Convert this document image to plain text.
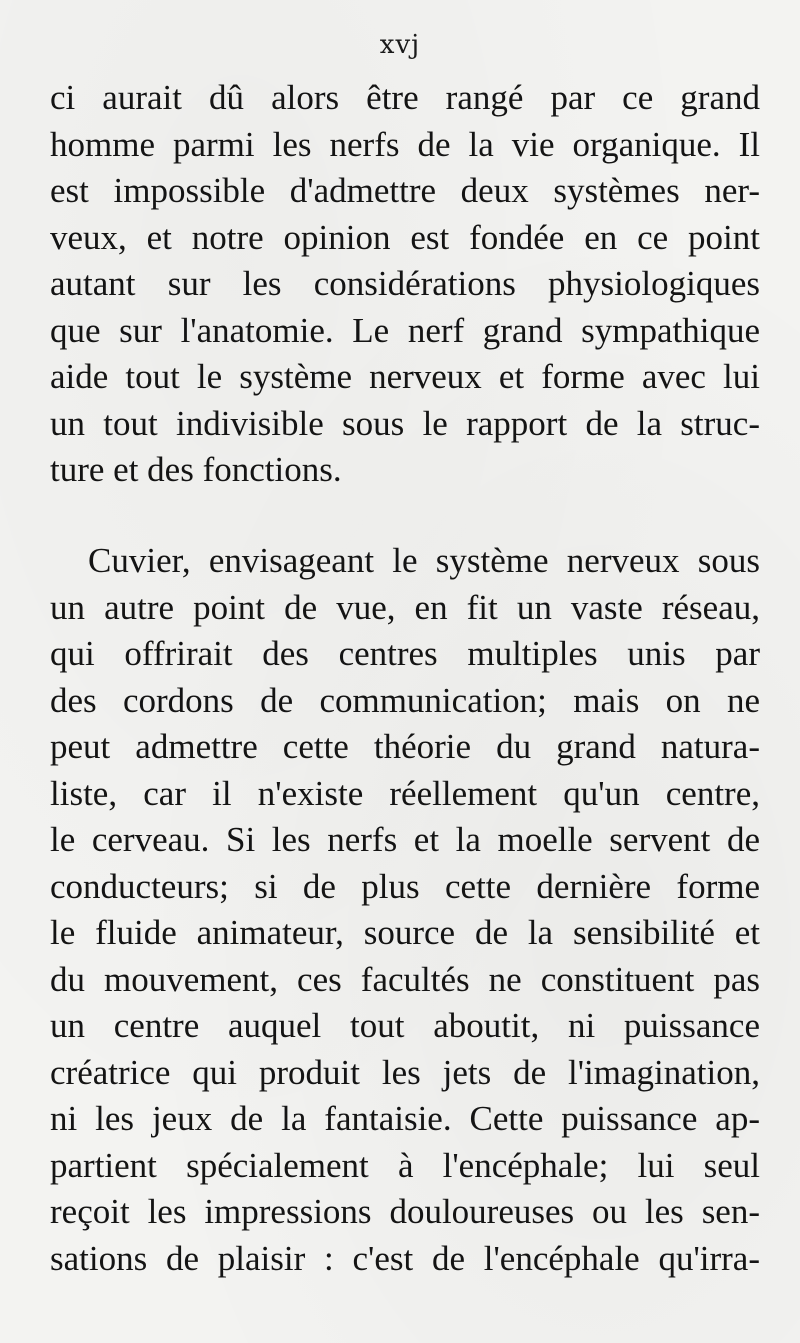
xvj
ci aurait dû alors être rangé par ce grand
homme parmi les nerfs de la vie organique. Il
est impossible d'admettre deux systèmes ner-
veux, et notre opinion est fondée en ce point
autant sur les considérations physiologiques
que sur l'anatomie. Le nerf grand sympathique
aide tout le système nerveux et forme avec lui
un tout indivisible sous le rapport de la struc-
ture et des fonctions.
Cuvier, envisageant le système nerveux sous
un autre point de vue, en fit un vaste réseau,
qui offrirait des centres multiples unis par
des cordons de communication; mais on ne
peut admettre cette théorie du grand natura-
liste, car il n'existe réellement qu'un centre,
le cerveau. Si les nerfs et la moelle servent de
conducteurs; si de plus cette dernière forme
le fluide animateur, source de la sensibilité et
du mouvement, ces facultés ne constituent pas
un centre auquel tout aboutit, ni puissance
créatrice qui produit les jets de l'imagination,
ni les jeux de la fantaisie. Cette puissance ap-
partient spécialement à l'encéphale; lui seul
reçoit les impressions douloureuses ou les sen-
sations de plaisir : c'est de l'encéphale qu'irra-
